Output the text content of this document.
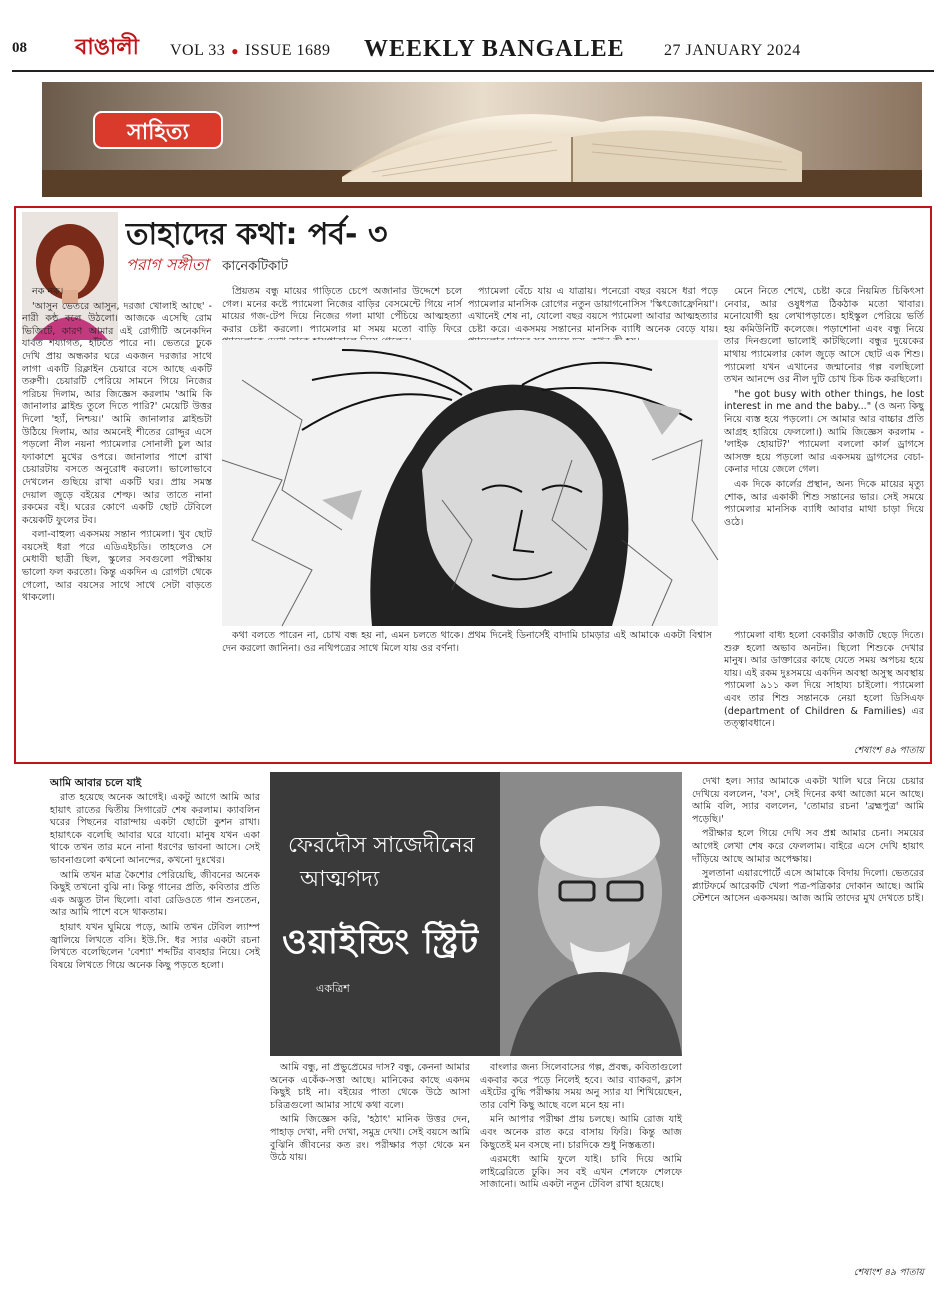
08 বাঙালী VOL 33 ● ISSUE 1689 WEEKLY BANGALEE 27 JANUARY 2024
সাহিত্য
তাহাদের কথা: পর্ব- ৩
পরাগ সঙ্গীতা কানেকটিকাট

নক নক।

'আসুন ভেতরে আসুন, দরজা খোলাই আছে' - নারী কন্ঠ বলে উঠলো। আজকে এসেছি রোম ভিজিটে, কারণ আমার এই রোগীটি অনেকদিন যাবত শয্যাগত, হাঁটতে পারে না। ভেতরে ঢুকে দেখি প্রায় অন্ধকার ঘরে একজন দরজার সাথে লাগা একটি রিক্লাইন চেয়ারে বসে আছে একটি তরুণী। চেয়ারটি পেরিয়ে সামনে গিয়ে নিজের পরিচয় দিলাম, আর জিজ্ঞেস করলাম 'আমি কি জানালার ব্লাইন্ড তুলে দিতে পারি?' মেয়েটি উত্তর দিলো 'হ্যাঁ, নিশ্চয়।' আমি জানালার ব্লাইন্ডটা উঠিয়ে দিলাম, আর অমনেই শীতের রোদ্দুর এসে পড়লো নীল নয়না প্যামেলার সোনালী চুল আর ফ্যাকাশে মুখের ওপরে। জানালার পাশে রাখা চেয়ারটায় বসতে অনুরোধ করলো। ভালোভাবে দেখলেন গুছিয়ে রাখা একটি ঘর। প্রায় সমস্ত দেয়াল জুড়ে বইয়ের শেল্ফ। আর তাতে নানা রকমের বই। ঘরের কোণে একটি ছোট টেবিলে কয়েকটি ফুলের টব।

বলা-বাহুল্য একসময় সন্তান প্যামেলা। খুব ছোট বয়সেই ধরা পরে এডিএইচডি। তাহলেও সে মেধাবী ছাত্রী ছিল, স্কুলের সবগুলো পরীক্ষায় ভালো ফল করতো। কিন্তু একদিন এ রোগটা থেকে গেলো, আর বয়সের সাথে সাথে সেটা বাড়তে থাকলো।

প্রিয়তম বন্ধু মায়ের গাড়িতে চেপে অজানার উদ্দেশে চলে গেল। মনের কষ্টে প্যামেলা নিজের বাড়ির বেসমেন্টে গিয়ে নার্স মায়ের গজ-টেপ দিয়ে নিজের গলা মাথা পেঁচিয়ে আত্মহত্যা করার চেষ্টা করলো। প্যামেলার মা সময় মতো বাড়ি ফিরে

প্যামেলা বেঁচে যায় এ যাত্রায়। পনেরো বছর বয়সে ধরা পড়ে প্যামেলার মানসিক রোগের নতুন ডায়াগনোসিস 'স্কিৎজোফ্রেনিয়া'। এখানেই শেষ না, যোলো বছর বয়সে প্যামেলা আবার আত্মহত্যার চেষ্টা করে। একসময় সন্তানের মানসিক ব্যাধি অনেক বেড়ে যায়।

মেনে নিতে শেখে, চেষ্টা করে নিয়মিত চিকিৎসা নেবার, আর ওষুধপত্র ঠিকঠাক মতো খাবার। মনোযোগী হয় লেখাপড়াতে। হাইস্কুল পেরিয়ে ভর্তি হয় কমিউনিটি কলেজে। পড়াশোনা এবং বন্ধু নিয়ে তার দিনগুলো ভালোই কাটছিলো। বন্ধুর দুয়েকের মাথায় প্যামেলার কোল জুড়ে আসে ছোট এক শিশু। প্যামেলা যখন এখানের জন্মানোর গল্প বলছিলো তখন আনন্দে ওর নীল দুটি চোখ চিক চিক করছিলো।

"he got busy with other things, he lost interest in me and the baby..." (ও অন্য কিছু নিয়ে ব্যস্ত হয়ে পড়লো। সে আমার আর বাচ্চার প্রতি আগ্রহ হারিয়ে ফেললো।) আমি জিজ্ঞেস করলাম - 'লাইক হোয়াট?' প্যামেলা বললো কার্ল ড্রাগসে আসক্ত হয়ে পড়লো আর একসময় ড্রাগসের বেচা-কেনার দায়ে জেলে গেল।

এক দিকে কার্লের প্রস্থান, অন্য দিকে মায়ের মৃত্যু শোক, আর একাকী শিশু সন্তানের ভার। সেই সময়ে প্যামেলার মানসিক ব্যাধি আবার মাথা চাড়া দিয়ে ওঠে।

কথা বলতে পারেন না, চোখ বন্ধ হয় না, এমন চলতে থাকে। প্রথম দিনেই ডিনার্সেই বাদামি চামড়ার এই আমাকে একটা বিশ্বাস দেন করলো জানিনা। ওর নথিপত্রের সাথে মিলে যায় ওর বর্ণনা।

প্যামেলা বাধ্য হলো বেকারীর কাজটি ছেড়ে দিতে। শুরু হলো অভাব অনটন। ছিলো শিশুকে দেখার মানুষ। আর ডাক্তারের কাছে যেতে সময় অপচয় হয়ে যায়। এই রকম দুঃসময়ে একদিন অবস্থা অসুস্থ অবস্থায় প্যামেলা ৯১১ কল দিয়ে সাহায্য চাইলো। প্যামেলা এবং তার শিশু সন্তানকে নেয়া হলো ডিসিএফ (department of Children & Families) এর তত্ত্বাবধানে।

শেষাংশ ৪৯ পাতায়
আমি আবার চলে যাই

রাত হয়েছে অনেক আগেই। একটু আগে আমি আর হায়াৎ রাতের দ্বিতীয় সিগারেট শেষ করলাম। ক্যাবলিন ঘরের পিছনের বারান্দায় একটা ছোটো কুশন রাখা। হায়াৎকে বলেছি আবার ঘরে যাবো। মানুষ যখন একা থাকে তখন তার মনে নানা ধরণের ভাবনা আসে। সেই ভাবনাগুলো কখনো আনন্দের, কখনো দুঃখের।

আমি তখন মাত্র কৈশোর পেরিয়েছি, জীবনের অনেক কিছুই তখনো বুঝি না। কিন্তু গানের প্রতি, কবিতার প্রতি এক অদ্ভুত টান ছিলো। বাবা রেডিওতে গান শুনতেন, আর আমি পাশে বসে থাকতাম।

হায়াৎ যখন ঘুমিয়ে পড়ে, আমি তখন টেবিল ল্যাম্প জ্বালিয়ে লিখতে বসি। ইউ.সি. ধর স্যার একটা রচনা লিখতে বলেছিলেন 'বেশ্যা' শব্দটির ব্যবহার নিয়ে। সেই বিষয়ে লিখতে গিয়ে অনেক কিছু পড়তে হলো।

ফেরদৌস সাজেদীনের
আত্মগদ্য
ওয়াইন্ডিং স্ট্রিট
একত্রিশ

আমি বন্ধু, না প্রভুপ্রেমের দাস? বন্ধু, কেননা আমার অনেক একেঁক-সত্তা আছে। মানিকের কাছে একদম কিছুই চাই না। বইয়ের পাতা থেকে উঠে আসা চরিত্রগুলো আমার সাথে কথা বলে।

আমি জিজ্ঞেস করি, 'হঠাৎ' মানিক উত্তর দেন, পাহাড় দেখা, নদী দেখা, সমুদ্র দেখা। সেই বয়সে আমি বুঝিনি জীবনের কত রং। পরীক্ষার পড়া থেকে মন উঠে যায়।

বাংলার জন্য সিলেবাসের গল্প, প্রবন্ধ, কবিতাগুলো একবার করে পড়ে নিলেই হবে। আর ব্যাকরণ, ক্লাস এইটের বুদ্ধি পরীক্ষায় সময় অনু স্যার যা শিখিয়েছেন, তার বেশি কিছু আছে বলে মনে হয় না।

মনি আপার পরীক্ষা প্রায় চলছে। আমি রোজ যাই এবং অনেক রাত করে বাসায় ফিরি। কিন্তু আজ কিছুতেই মন বসছে না। চারদিকে শুধু নিস্তব্ধতা।

এরমধ্যে আমি ফুলে যাই। চাবি দিয়ে আমি লাইব্রেরিতে ঢুকি। সব বই এখন শেলফে শেলফে সাজানো। আমি একটা নতুন টেবিল রাখা হয়েছে।

দেখা হল। স্যার আমাকে একটা খালি ঘরে নিয়ে চেয়ার দেখিয়ে বললেন, 'বস', সেই দিনের কথা আজো মনে আছে। আমি বলি, স্যার বললেন, 'তোমার রচনা 'ব্রহ্মপুত্র' আমি পড়েছি।'

পরীক্ষার হলে গিয়ে দেখি সব প্রশ্ন আমার চেনা। সময়ের আগেই লেখা শেষ করে ফেললাম। বাইরে এসে দেখি হায়াৎ দাঁড়িয়ে আছে আমার অপেক্ষায়।

সুলতানা এয়ারপোর্টে এসে আমাকে বিদায় দিলো। ভেতরের প্ল্যাটফর্মে আরেকটি খেলা পত্র-পত্রিকার দোকান আছে। আমি স্টেশনে আসেন একসময়। আজ আমি তাদের মুখ দেখতে চাই।

শেষাংশ ৪৯ পাতায়
